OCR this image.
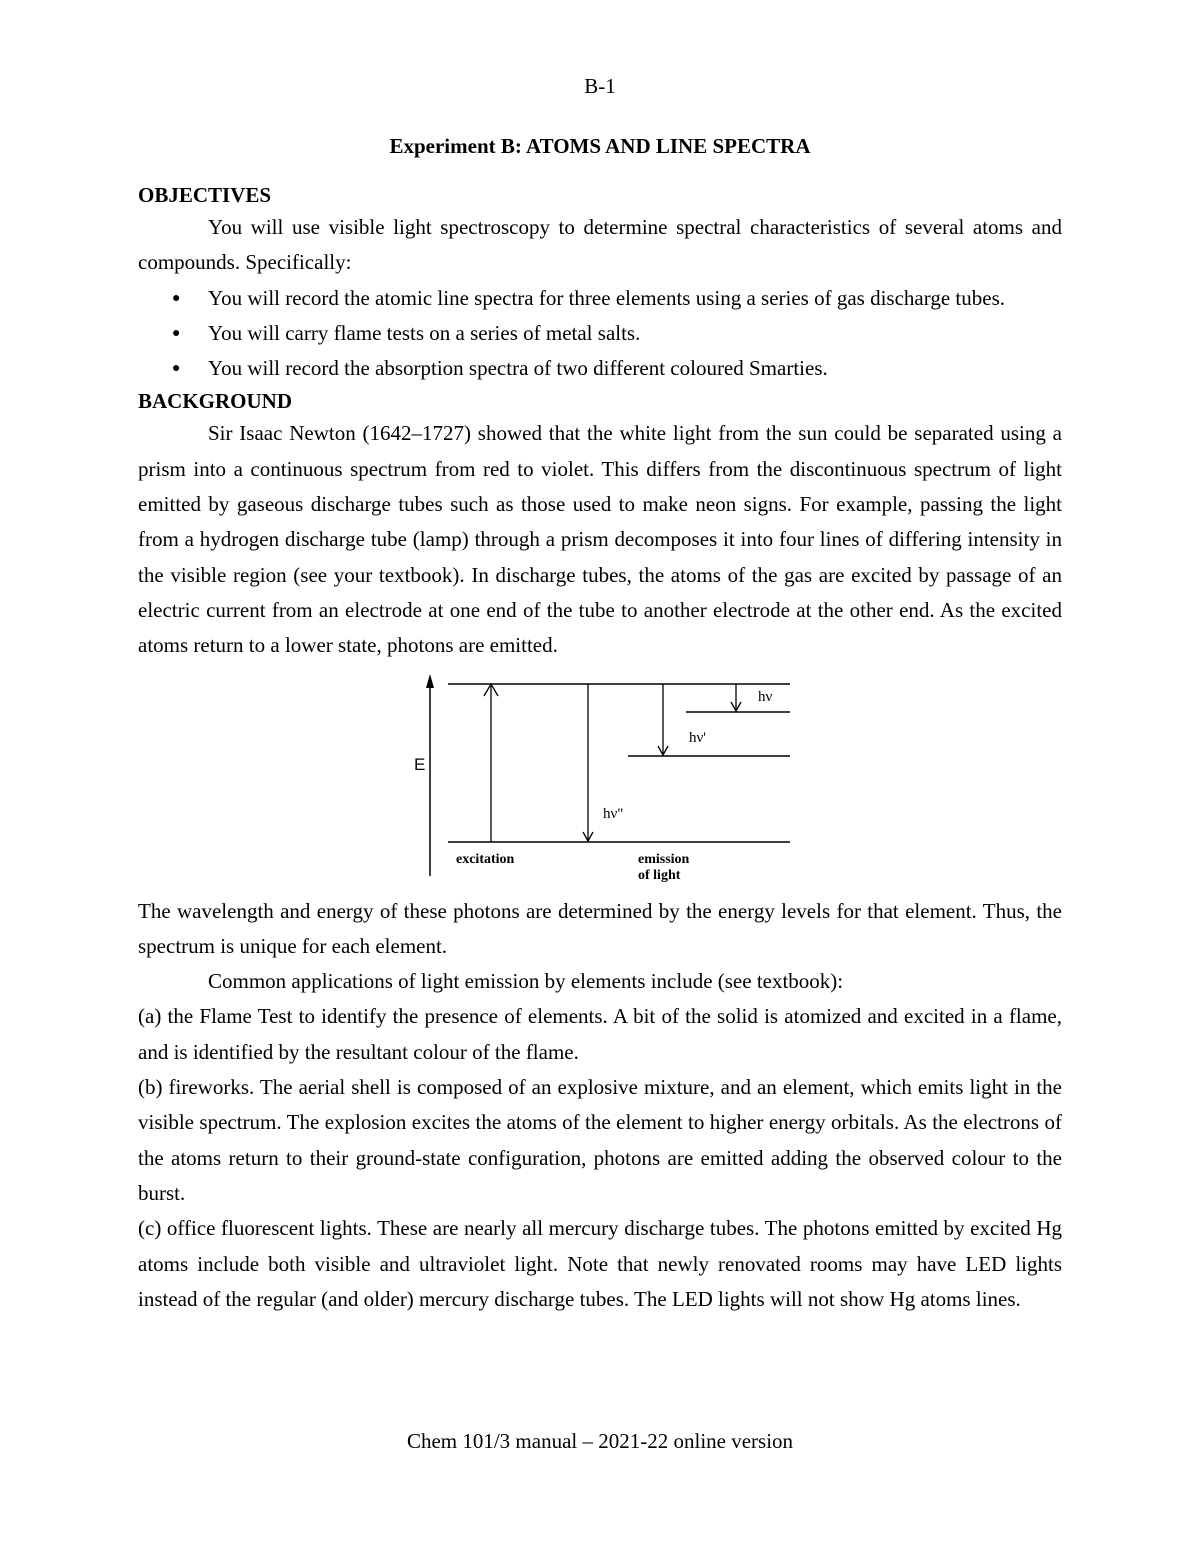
B-1
Experiment B: ATOMS AND LINE SPECTRA

OBJECTIVES

You will use visible light spectroscopy to determine spectral characteristics of several atoms and compounds. Specifically:

● You will record the atomic line spectra for three elements using a series of gas discharge tubes.
● You will carry flame tests on a series of metal salts.
● You will record the absorption spectra of two different coloured Smarties.

BACKGROUND

Sir Isaac Newton (1642–1727) showed that the white light from the sun could be separated using a prism into a continuous spectrum from red to violet. This differs from the discontinuous spectrum of light emitted by gaseous discharge tubes such as those used to make neon signs. For example, passing the light from a hydrogen discharge tube (lamp) through a prism decomposes it into four lines of differing intensity in the visible region (see your textbook). In discharge tubes, the atoms of the gas are excited by passage of an electric current from an electrode at one end of the tube to another electrode at the other end. As the excited atoms return to a lower state, photons are emitted.

E
hν
hν'
hν"
excitation	emission
of light

The wavelength and energy of these photons are determined by the energy levels for that element. Thus, the spectrum is unique for each element.

Common applications of light emission by elements include (see textbook):

(a) the Flame Test to identify the presence of elements. A bit of the solid is atomized and excited in a flame, and is identified by the resultant colour of the flame.

(b) fireworks. The aerial shell is composed of an explosive mixture, and an element, which emits light in the visible spectrum. The explosion excites the atoms of the element to higher energy orbitals. As the electrons of the atoms return to their ground-state configuration, photons are emitted adding the observed colour to the burst.

(c) office fluorescent lights. These are nearly all mercury discharge tubes. The photons emitted by excited Hg atoms include both visible and ultraviolet light. Note that newly renovated rooms may have LED lights instead of the regular (and older) mercury discharge tubes. The LED lights will not show Hg atoms lines.

Chem 101/3 manual – 2021-22 online version
